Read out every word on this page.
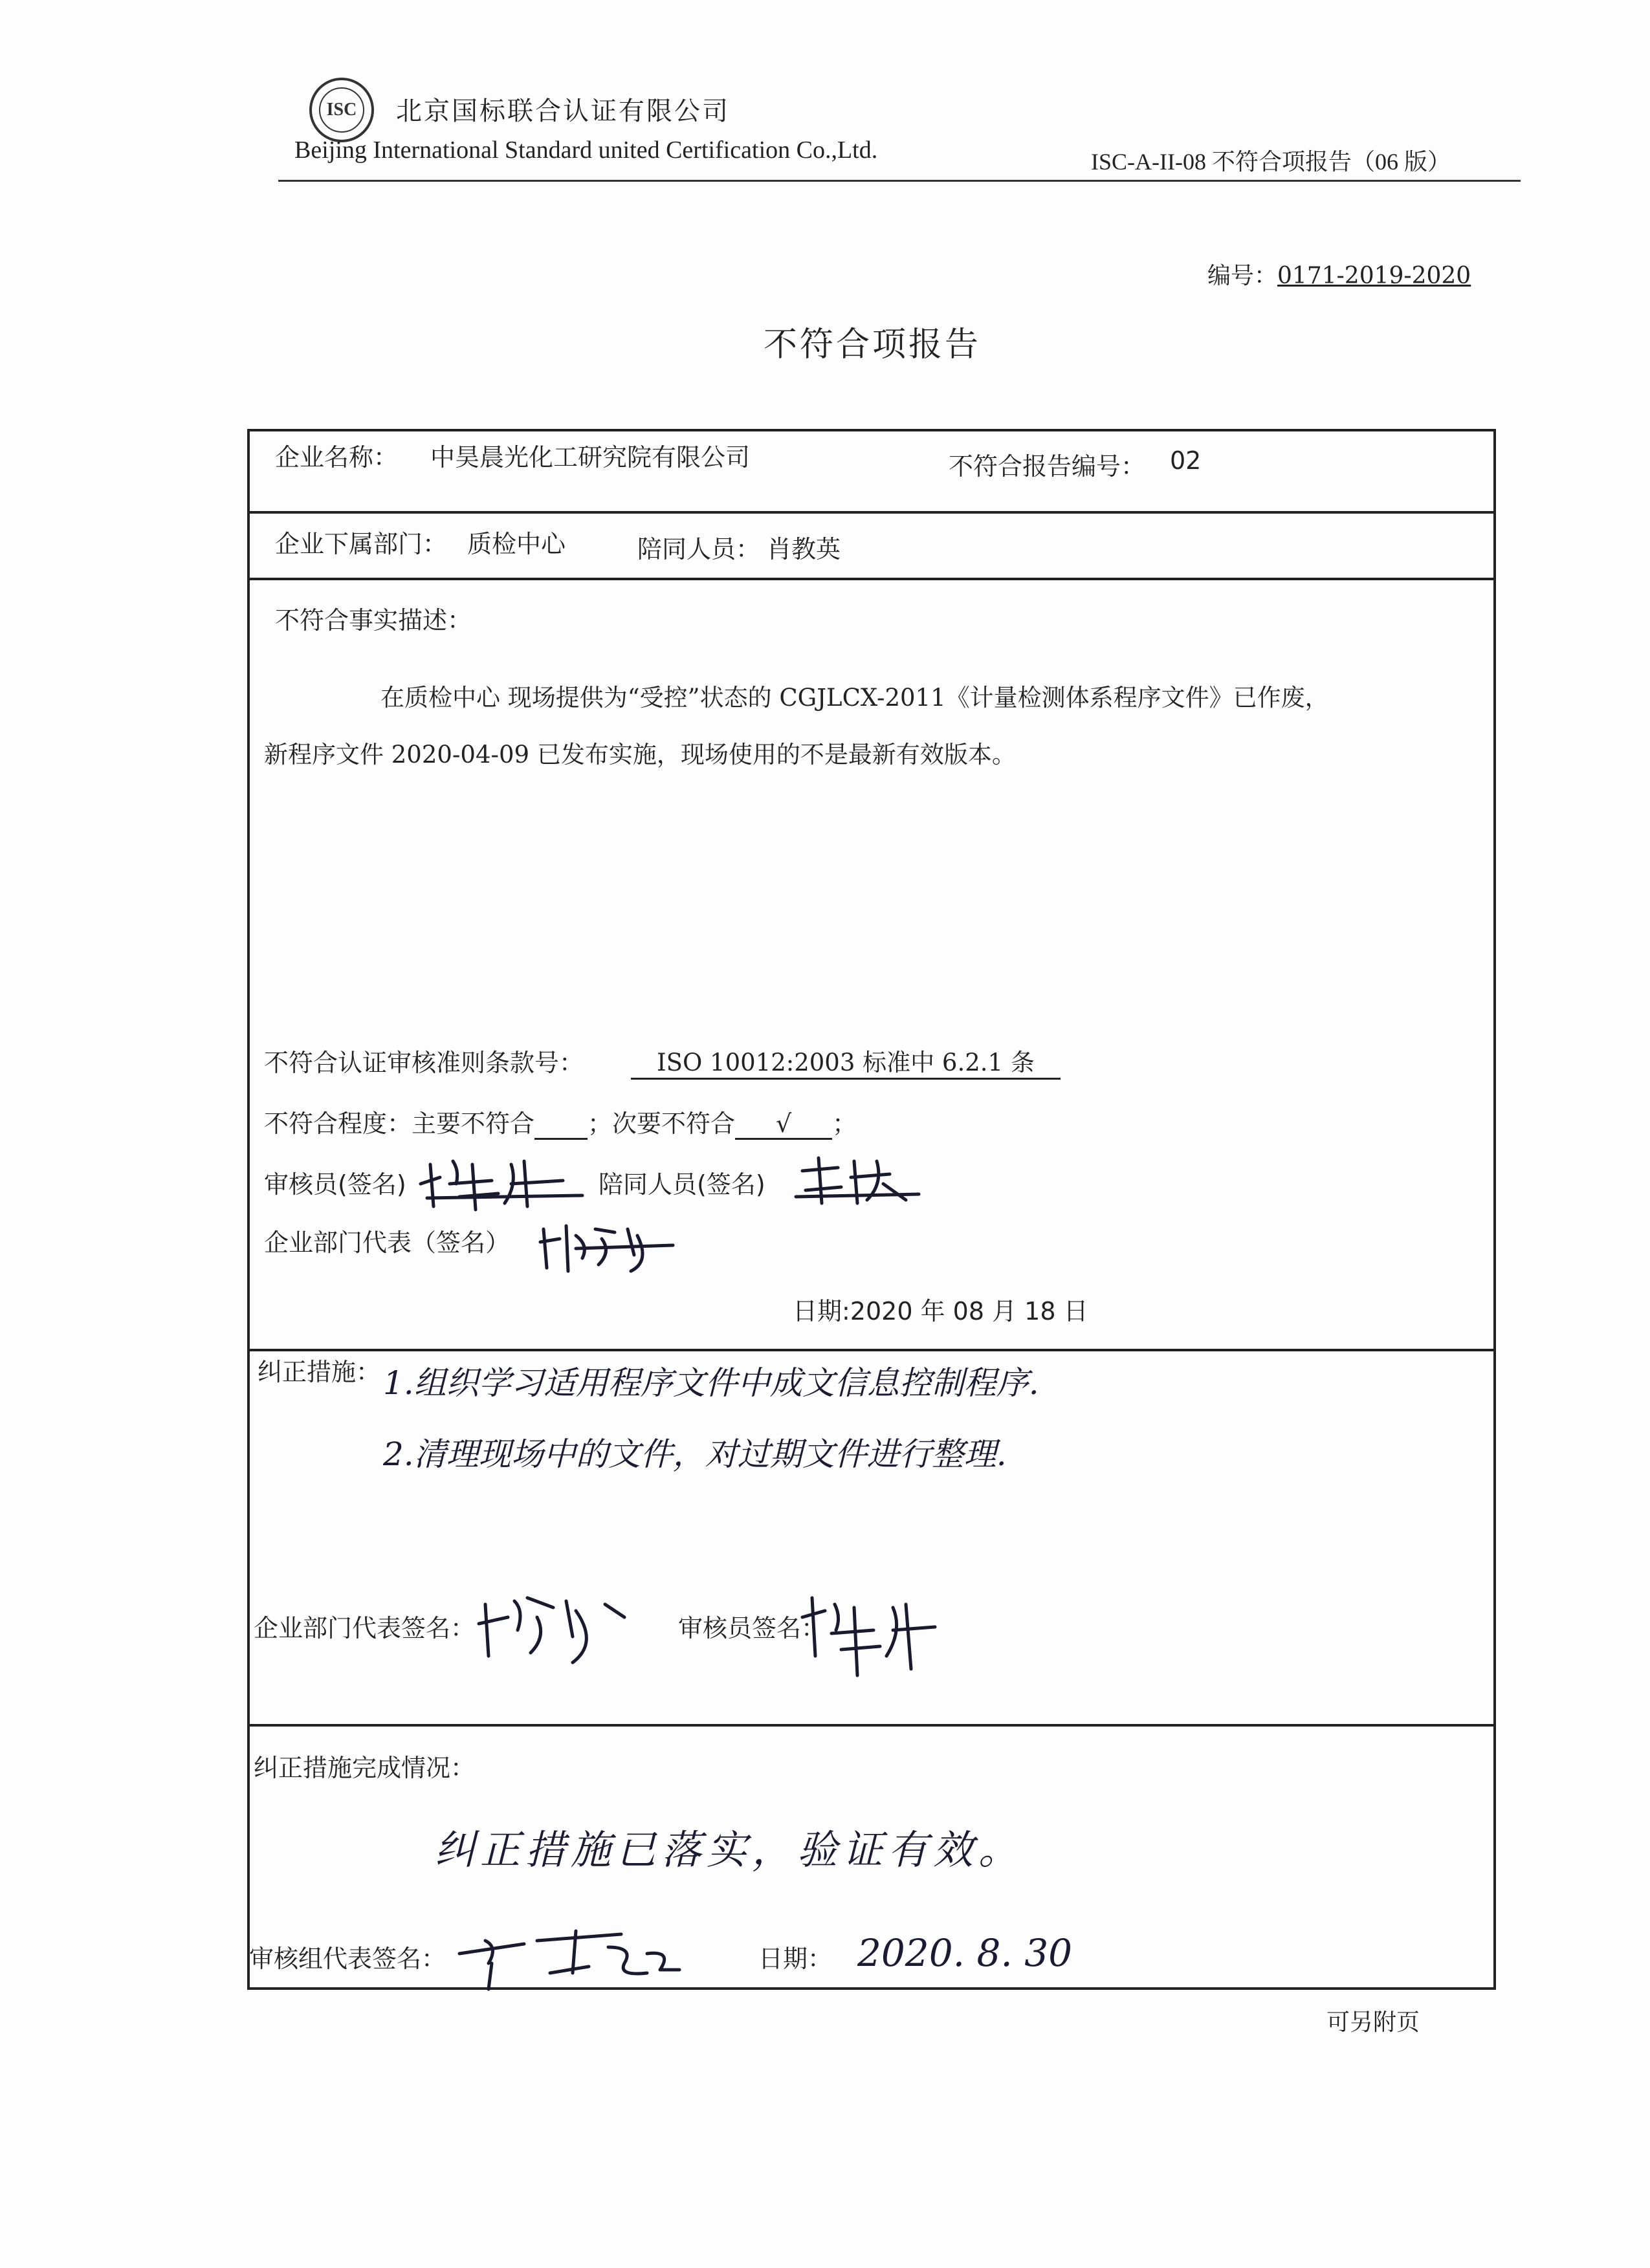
ISC 北京国标联合认证有限公司
Beijing International Standard united Certification Co.,Ltd.	ISC-A-II-08 不符合项报告（06 版）
编号：0171-2019-2020
不符合项报告
企业名称： 中昊晨光化工研究院有限公司	不符合报告编号： 02
企业下属部门： 质检中心	陪同人员： 肖教英
不符合事实描述：
在质检中心 现场提供为“受控”状态的 CGJLCX-2011《计量检测体系程序文件》已作废，
新程序文件 2020-04-09 已发布实施，现场使用的不是最新有效版本。
不符合认证审核准则条款号：	ISO 10012:2003 标准中 6.2.1 条
不符合程度：主要不符合 ；次要不符合 √ ；
审核员(签名)	陪同人员(签名)
企业部门代表（签名）
日期:2020 年 08 月 18 日
纠正措施： 1.组织学习适用程序文件中成文信息控制程序.
2.清理现场中的文件，对过期文件进行整理.
企业部门代表签名：	审核员签名：
纠正措施完成情况：
纠正措施已落实，验证有效。
审核组代表签名：	日期： 2020. 8. 30
可另附页
